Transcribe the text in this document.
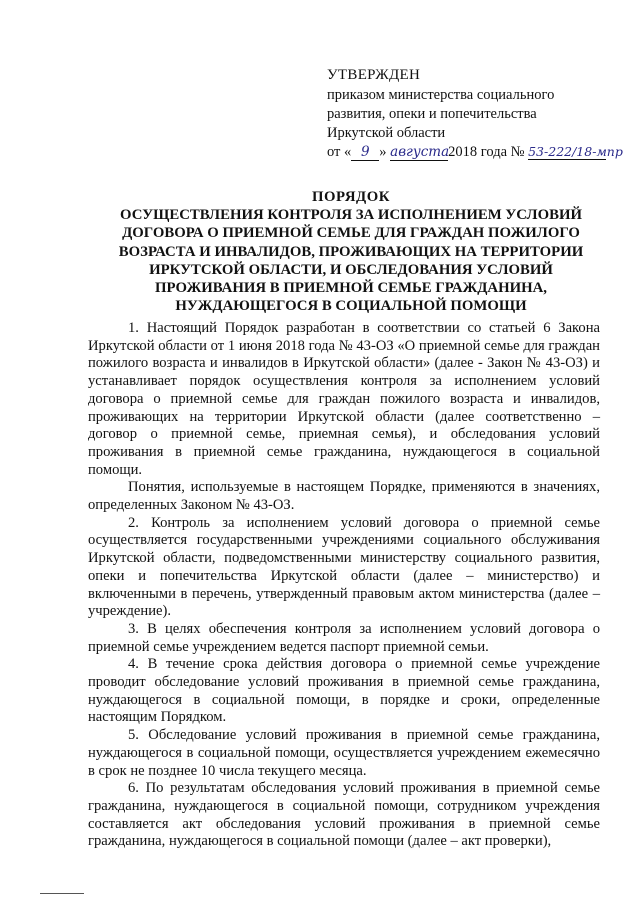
УТВЕРЖДЕН
приказом министерства социального
развития, опеки и попечительства
Иркутской области
от « 9 » августа2018 года № 53-222/18-мпр
ПОРЯДОК
ОСУЩЕСТВЛЕНИЯ КОНТРОЛЯ ЗА ИСПОЛНЕНИЕМ УСЛОВИЙ
ДОГОВОРА О ПРИЕМНОЙ СЕМЬЕ ДЛЯ ГРАЖДАН ПОЖИЛОГО
ВОЗРАСТА И ИНВАЛИДОВ, ПРОЖИВАЮЩИХ НА ТЕРРИТОРИИ
ИРКУТСКОЙ ОБЛАСТИ, И ОБСЛЕДОВАНИЯ УСЛОВИЙ
ПРОЖИВАНИЯ В ПРИЕМНОЙ СЕМЬЕ ГРАЖДАНИНА,
НУЖДАЮЩЕГОСЯ В СОЦИАЛЬНОЙ ПОМОЩИ

1. Настоящий Порядок разработан в соответствии со статьей 6 Закона Иркутской области от 1 июня 2018 года № 43-ОЗ «О приемной семье для граждан пожилого возраста и инвалидов в Иркутской области» (далее - Закон № 43-ОЗ) и устанавливает порядок осуществления контроля за исполнением условий договора о приемной семье для граждан пожилого возраста и инвалидов, проживающих на территории Иркутской области (далее соответственно – договор о приемной семье, приемная семья), и обследования условий проживания в приемной семье гражданина, нуждающегося в социальной помощи.

Понятия, используемые в настоящем Порядке, применяются в значениях, определенных Законом № 43-ОЗ.

2. Контроль за исполнением условий договора о приемной семье осуществляется государственными учреждениями социального обслуживания Иркутской области, подведомственными министерству социального развития, опеки и попечительства Иркутской области (далее – министерство) и включенными в перечень, утвержденный правовым актом министерства (далее – учреждение).

3. В целях обеспечения контроля за исполнением условий договора о приемной семье учреждением ведется паспорт приемной семьи.

4. В течение срока действия договора о приемной семье учреждение проводит обследование условий проживания в приемной семье гражданина, нуждающегося в социальной помощи, в порядке и сроки, определенные настоящим Порядком.

5. Обследование условий проживания в приемной семье гражданина, нуждающегося в социальной помощи, осуществляется учреждением ежемесячно в срок не позднее 10 числа текущего месяца.

6. По результатам обследования условий проживания в приемной семье гражданина, нуждающегося в социальной помощи, сотрудником учреждения составляется акт обследования условий проживания в приемной семье гражданина, нуждающегося в социальной помощи (далее – акт проверки),
